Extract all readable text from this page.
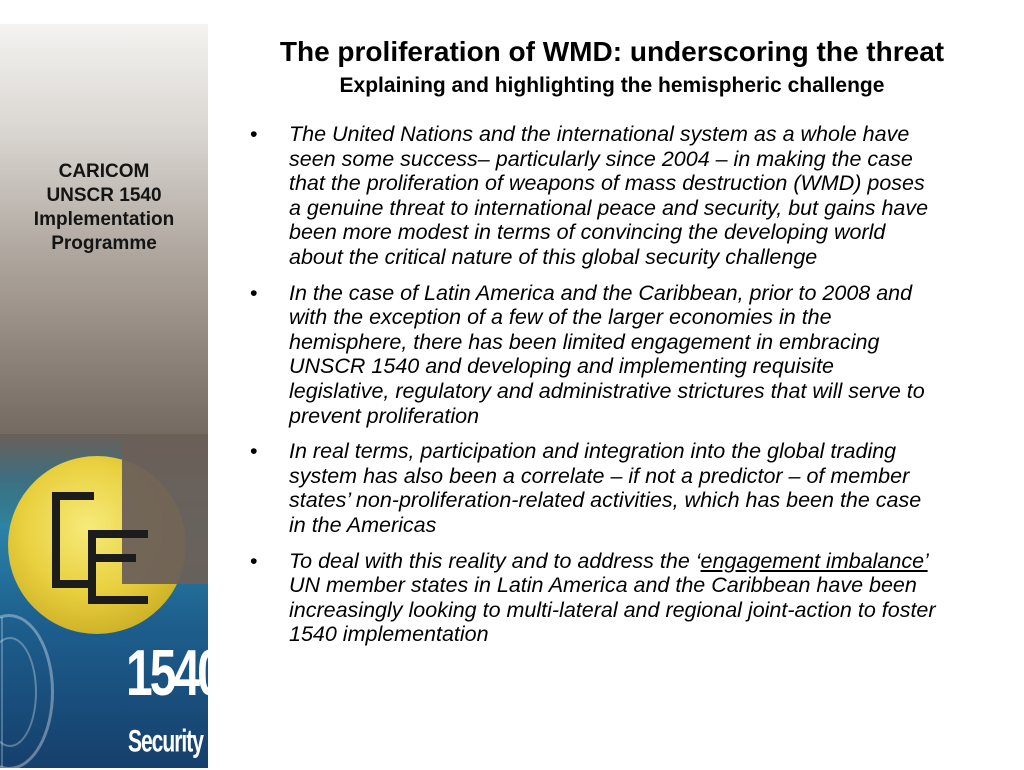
CARICOM
UNSCR 1540
Implementation
Programme
1540
Security Co
The proliferation of WMD: underscoring the threat
Explaining and highlighting the hemispheric challenge
• The United Nations and the international system as a whole have seen some success– particularly since 2004 – in making the case that the proliferation of weapons of mass destruction (WMD) poses a genuine threat to international peace and security, but gains have been more modest in terms of convincing the developing world about the critical nature of this global security challenge
• In the case of Latin America and the Caribbean, prior to 2008 and with the exception of a few of the larger economies in the hemisphere, there has been limited engagement in embracing UNSCR 1540 and developing and implementing requisite legislative, regulatory and administrative strictures that will serve to prevent proliferation
• In real terms, participation and integration into the global trading system has also been a correlate – if not a predictor – of member states’ non-proliferation-related activities, which has been the case in the Americas
• To deal with this reality and to address the ‘engagement imbalance’ UN member states in Latin America and the Caribbean have been increasingly looking to multi-lateral and regional joint-action to foster 1540 implementation
